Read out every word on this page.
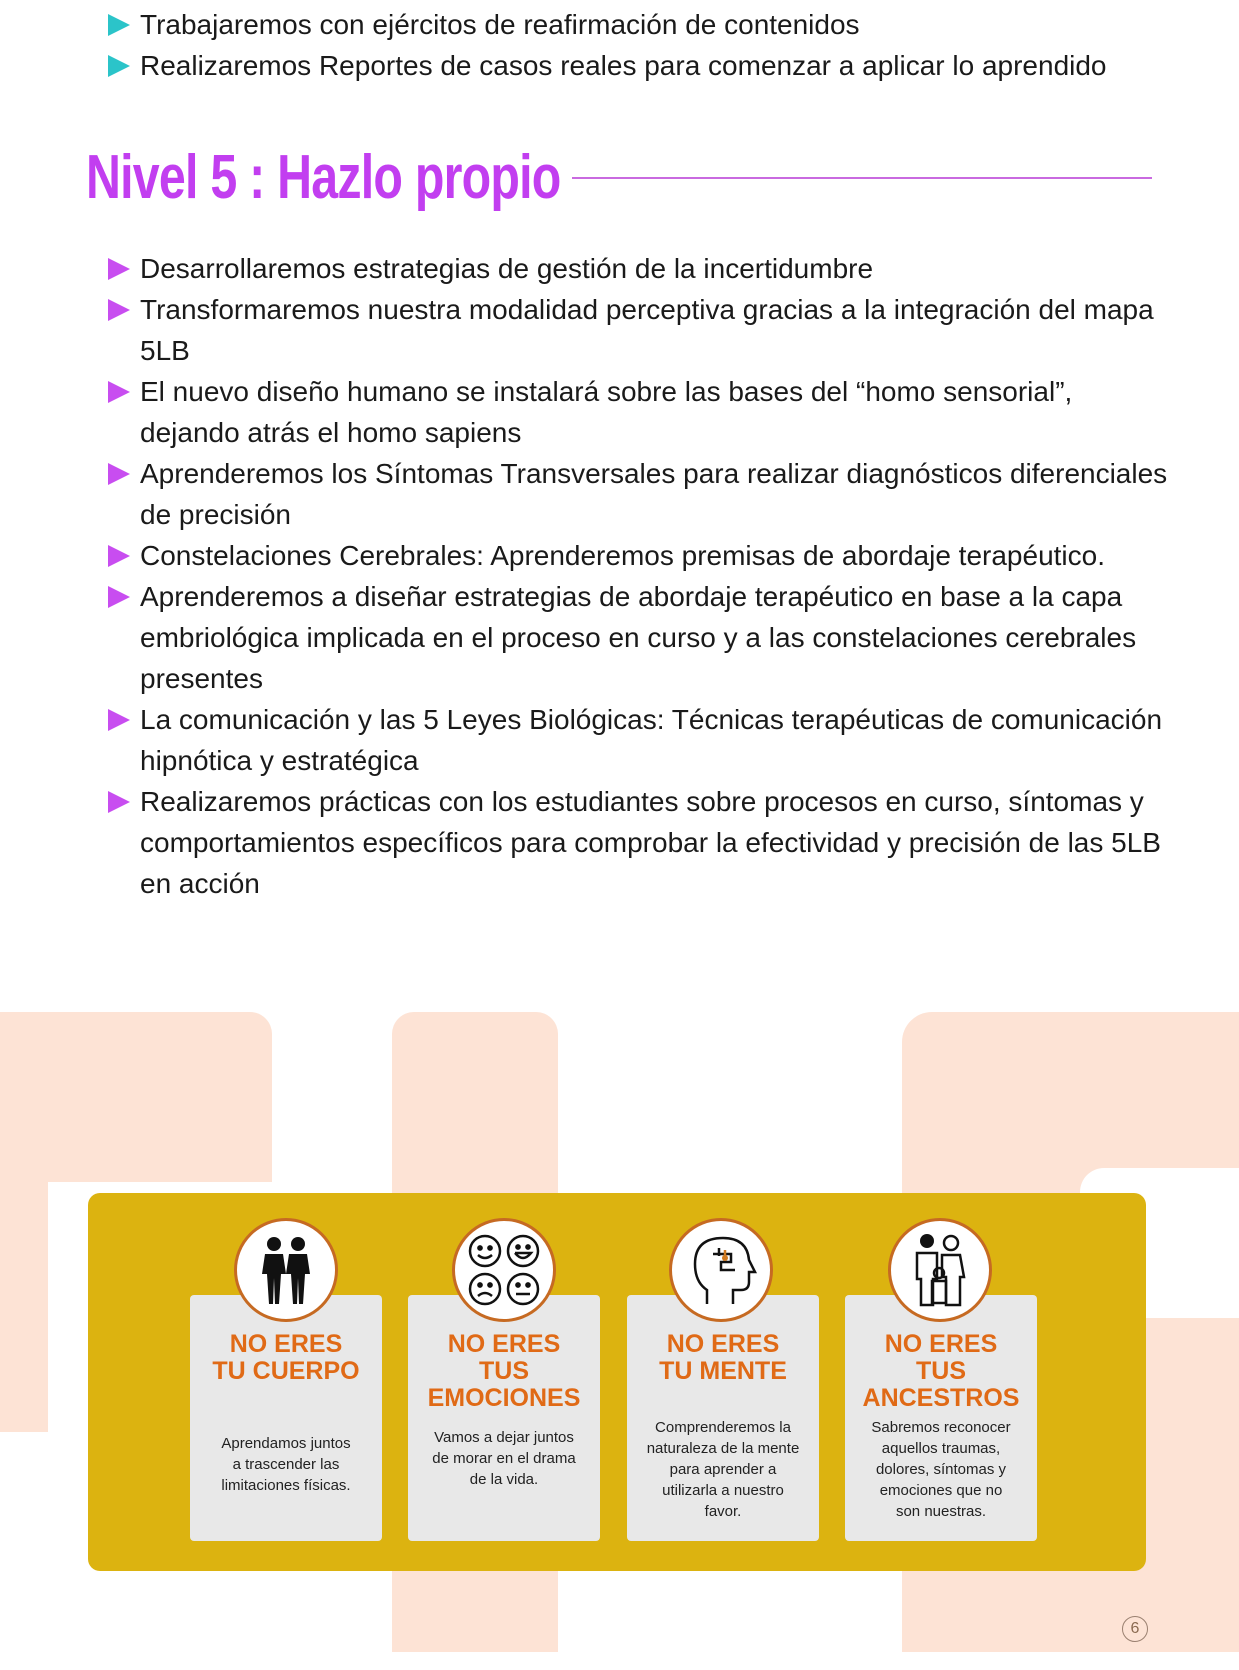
Trabajaremos con ejércitos de reafirmación de contenidos
Realizaremos Reportes de casos reales para comenzar a aplicar lo aprendido
Nivel 5 : Hazlo propio
Desarrollaremos estrategias de gestión de la incertidumbre
Transformaremos nuestra modalidad perceptiva gracias a la integración del mapa 5LB
El nuevo diseño humano se instalará sobre las bases del “homo sensorial”, dejando atrás el homo sapiens
Aprenderemos los Síntomas Transversales para realizar diagnósticos diferenciales de precisión
Constelaciones Cerebrales: Aprenderemos premisas de abordaje terapéutico.
Aprenderemos a diseñar estrategias de abordaje terapéutico en base a la capa embriológica implicada en el proceso en curso y a las constelaciones cerebrales presentes
La comunicación y las 5 Leyes Biológicas: Técnicas terapéuticas de comunicación hipnótica y estratégica
Realizaremos prácticas con los estudiantes sobre procesos en curso, síntomas y comportamientos específicos para comprobar la efectividad y precisión de las 5LB en acción
NO ERES
TU CUERPO
Aprendamos juntos
a trascender las
limitaciones físicas.
NO ERES
TUS
EMOCIONES
Vamos a dejar juntos
de morar en el drama
de la vida.
NO ERES
TU MENTE
Comprenderemos la
naturaleza de la mente
para aprender a
utilizarla a nuestro
favor.
NO ERES
TUS
ANCESTROS
Sabremos reconocer
aquellos traumas,
dolores, síntomas y
emociones que no
son nuestras.
6
